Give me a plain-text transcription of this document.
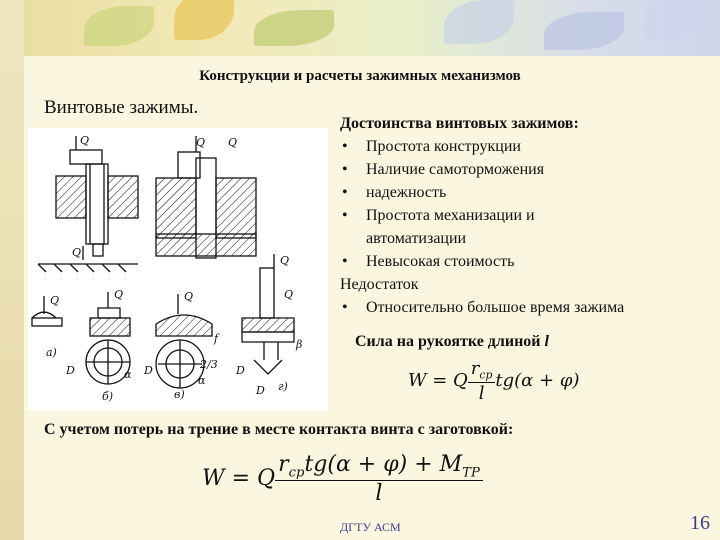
Конструкции и расчеты зажимных механизмов
Винтовые зажимы.
Q	Q Q
Q
Q	Q	Q
Q
Q
f	β
а)
б)	в)
г)
D	D	D
2/3
D
α	α
Достоинства винтовых зажимов:
• Простота конструкции
• Наличие самоторможения
• надежность
• Простота механизации и
автоматизации
• Невысокая стоимость
Недостаток
• Относительно большое время зажима
Сила на рукоятке длиной l
W = Q $\frac{r_{ср}}{l} tg(\alpha + \varphi)$
С учетом потерь на трение в месте контакта винта с заготовкой:
W = Q $\frac{r_{ср}tg(\alpha + \varphi) + M_{ТР}}{l}$
ДГТУ АСМ	16
